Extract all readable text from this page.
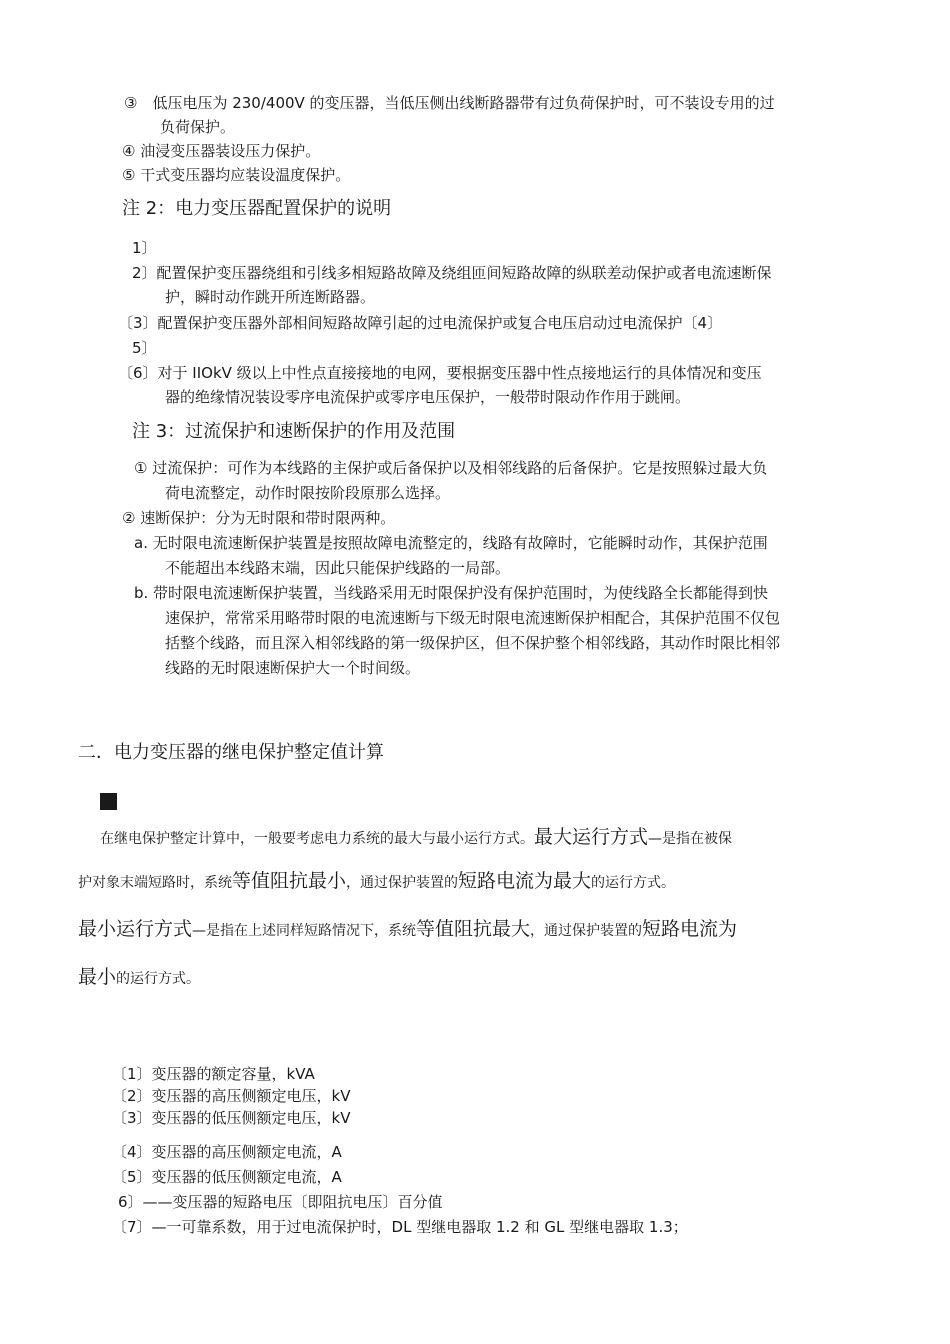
③　低压电压为 230/400V 的变压器，当低压侧出线断路器带有过负荷保护时，可不装设专用的过
负荷保护。
④ 油浸变压器装设压力保护。
⑤ 干式变压器均应装设温度保护。
注 2：电力变压器配置保护的说明
1〕
2〕配置保护变压器绕组和引线多相短路故障及绕组匝间短路故障的纵联差动保护或者电流速断保
护，瞬时动作跳开所连断路器。
〔3〕配置保护变压器外部相间短路故障引起的过电流保护或复合电压启动过电流保护〔4〕
5〕
〔6〕对于 IIOkV 级以上中性点直接接地的电网，要根据变压器中性点接地运行的具体情况和变压
器的绝缘情况装设零序电流保护或零序电压保护，一般带时限动作作用于跳闸。
注 3：过流保护和速断保护的作用及范围
① 过流保护：可作为本线路的主保护或后备保护以及相邻线路的后备保护。它是按照躲过最大负
荷电流整定，动作时限按阶段原那么选择。
② 速断保护：分为无时限和带时限两种。
a. 无时限电流速断保护装置是按照故障电流整定的，线路有故障时，它能瞬时动作，其保护范围
不能超出本线路末端，因此只能保护线路的一局部。
b. 带时限电流速断保护装置，当线路采用无时限保护没有保护范围时，为使线路全长都能得到快
速保护，常常采用略带时限的电流速断与下级无时限电流速断保护相配合，其保护范围不仅包
括整个线路，而且深入相邻线路的第一级保护区，但不保护整个相邻线路，其动作时限比相邻
线路的无时限速断保护大一个时间级。
二．电力变压器的继电保护整定值计算
在继电保护整定计算中，一般要考虑电力系统的最大与最小运行方式。最大运行方式—是指在被保
护对象末端短路时，系统等值阻抗最小，通过保护装置的短路电流为最大的运行方式。
最小运行方式—是指在上述同样短路情况下，系统等值阻抗最大，通过保护装置的短路电流为
最小的运行方式。
〔1〕变压器的额定容量，kVA
〔2〕变压器的高压侧额定电压，kV
〔3〕变压器的低压侧额定电压，kV
〔4〕变压器的高压侧额定电流，A
〔5〕变压器的低压侧额定电流，A
6〕——变压器的短路电压〔即阻抗电压〕百分值
〔7〕—一可靠系数，用于过电流保护时，DL 型继电器取 1.2 和 GL 型继电器取 1.3；
